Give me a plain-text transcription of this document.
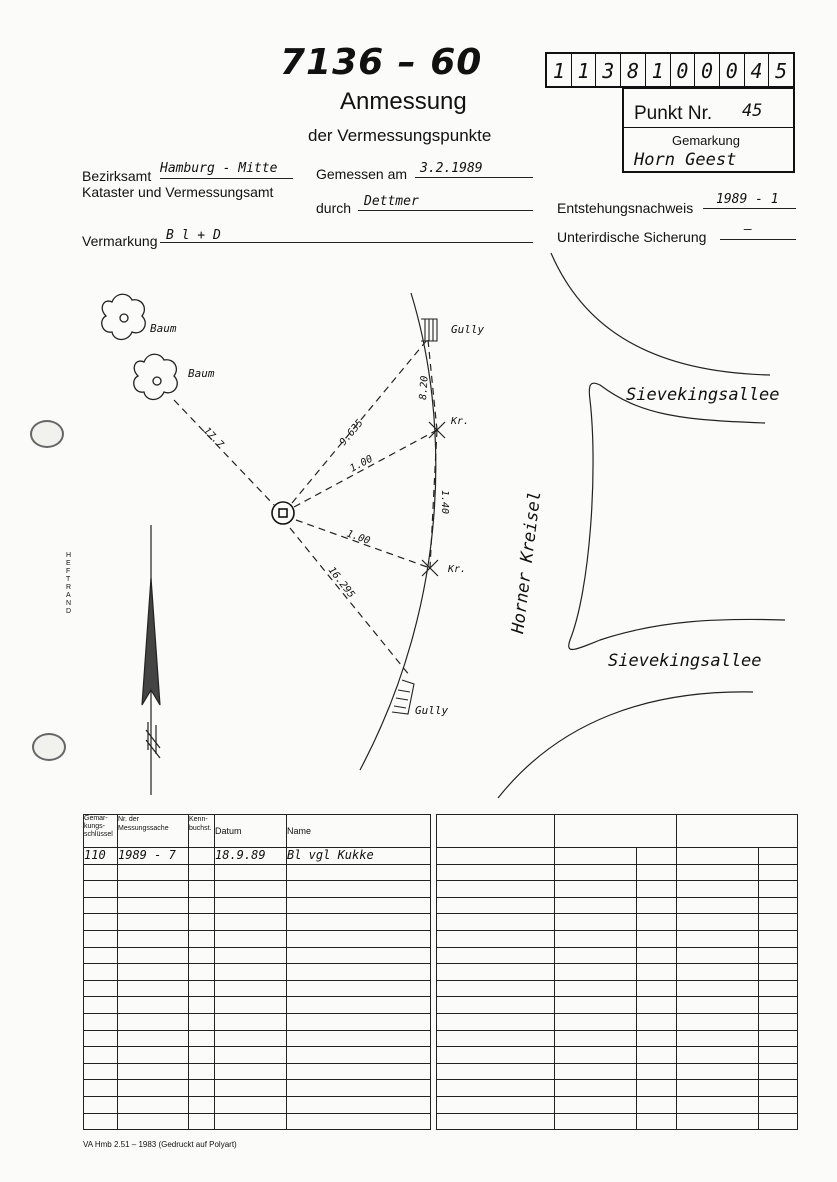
7136 – 60	1 1 3 8 1 0 0 0 4 5
Anmessung
der Vermessungspunkte
Punkt Nr. 45
Gemarkung
Horn Geest
Bezirksamt Hamburg - Mitte
Kataster und Vermessungsamt
Gemessen am 3.2.1989
durch Dettmer	Entstehungsnachweis
1989 - 1
Vermarkung B l + D	Unterirdische Sicherung	—
Baum
Baum
Gully
Gully
Kr.
Kr.
Sievekingsallee
Sievekingsallee
Horner Kreisel
17.7	9.635
1.00
1.00
16.295
8.20
1.40
HEFTRAND
Gemar-kungs-schlüssel	Nr. der Messungssache	Kenn-buchst.	Datum	Name
110	1989 - 7		18.9.89	Bl vgl Kukke

VA Hmb 2.51 – 1983 (Gedruckt auf Polyart)
